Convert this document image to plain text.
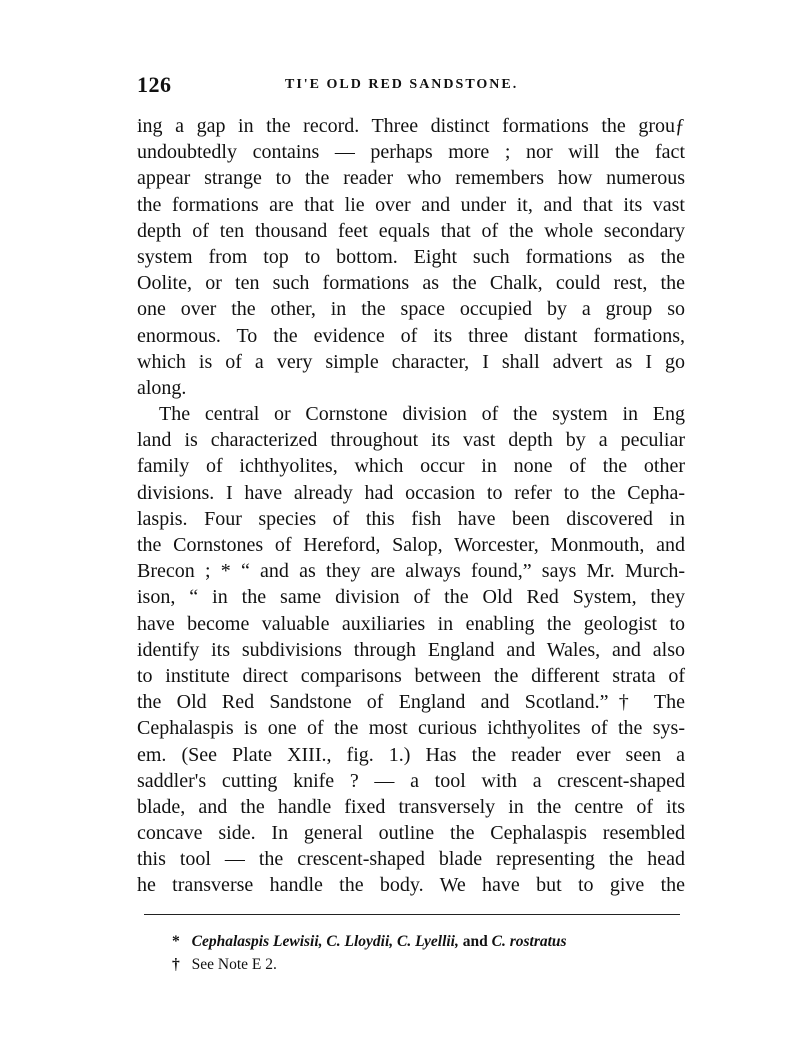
126	TI'E OLD RED SANDSTONE.
ing a gap in the record. Three distinct formations the grouƒ
undoubtedly contains — perhaps more ; nor will the fact
appear strange to the reader who remembers how numerous
the formations are that lie over and under it, and that its vast
depth of ten thousand feet equals that of the whole secondary
system from top to bottom. Eight such formations as the
Oolite, or ten such formations as the Chalk, could rest, the
one over the other, in the space occupied by a group so
enormous. To the evidence of its three distant formations,
which is of a very simple character, I shall advert as I go
along.
The central or Cornstone division of the system in Eng
land is characterized throughout its vast depth by a peculiar
family of ichthyolites, which occur in none of the other
divisions. I have already had occasion to refer to the Cepha-
laspis. Four species of this fish have been discovered in
the Cornstones of Hereford, Salop, Worcester, Monmouth, and
Brecon ; * “ and as they are always found,” says Mr. Murch-
ison, “ in the same division of the Old Red System, they
have become valuable auxiliaries in enabling the geologist to
identify its subdivisions through England and Wales, and also
to institute direct comparisons between the different strata of
the Old Red Sandstone of England and Scotland.”† The
Cephalaspis is one of the most curious ichthyolites of the sys-
em. (See Plate XIII., fig. 1.) Has the reader ever seen a
saddler's cutting knife ? — a tool with a crescent-shaped
blade, and the handle fixed transversely in the centre of its
concave side. In general outline the Cephalaspis resembled
this tool — the crescent-shaped blade representing the head
he transverse handle the body. We have but to give the
* Cephalaspis Lewisii, C. Lloydii, C. Lyellii, and C. rostratus
† See Note E 2.
